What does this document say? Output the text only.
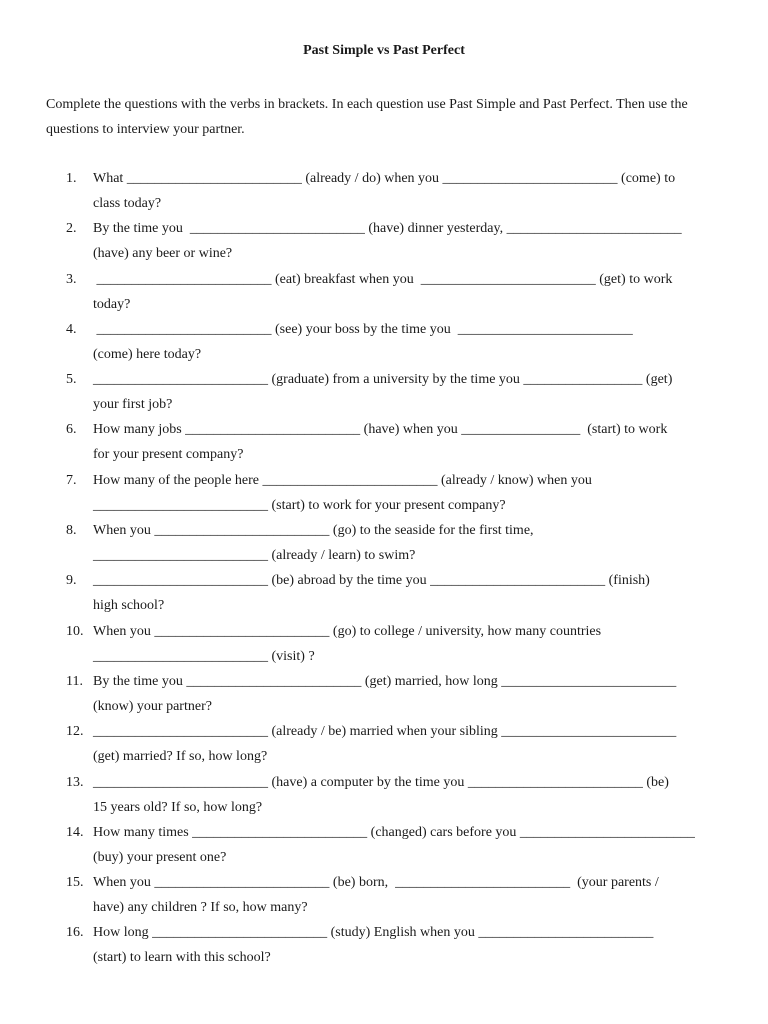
Past Simple vs Past Perfect
Complete the questions with the verbs in brackets. In each question use Past Simple and Past Perfect. Then use the questions to interview your partner.
1.	What _________________________ (already / do) when you _________________________ (come) to
class today?
2.	By the time you  _________________________ (have) dinner yesterday, _________________________
(have) any beer or wine?
3.	_________________________ (eat) breakfast when you  _________________________ (get) to work
today?
4.	_________________________ (see) your boss by the time you  _________________________
(come) here today?
5.	_________________________ (graduate) from a university by the time you _________________ (get)
your first job?
6.	How many jobs _________________________ (have) when you _________________  (start) to work
for your present company?
7.	How many of the people here _________________________ (already / know) when you
_________________________ (start) to work for your present company?
8.	When you _________________________ (go) to the seaside for the first time,
_________________________ (already / learn) to swim?
9.	_________________________ (be) abroad by the time you _________________________ (finish)
high school?
10. When you _________________________ (go) to college / university, how many countries
_________________________ (visit) ?
11. By the time you _________________________ (get) married, how long _________________________
(know) your partner?
12. _________________________ (already / be) married when your sibling _________________________
(get) married? If so, how long?
13. _________________________ (have) a computer by the time you _________________________ (be)
15 years old? If so, how long?
14. How many times _________________________ (changed) cars before you _________________________
(buy) your present one?
15. When you _________________________ (be) born,  _________________________  (your parents /
have) any children ? If so, how many?
16. How long _________________________ (study) English when you _________________________
(start) to learn with this school?
